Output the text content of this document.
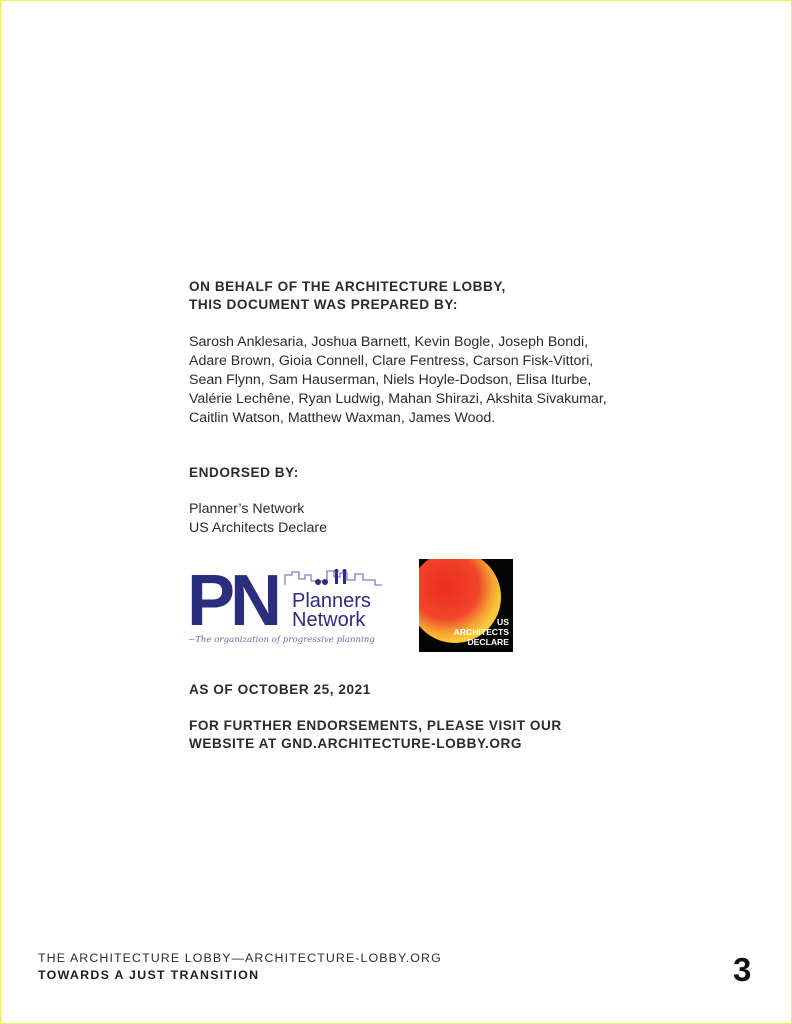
ON BEHALF OF THE ARCHITECTURE LOBBY,
THIS DOCUMENT WAS PREPARED BY:

Sarosh Anklesaria, Joshua Barnett, Kevin Bogle, Joseph Bondi,
Adare Brown, Gioia Connell, Clare Fentress, Carson Fisk-Vittori,
Sean Flynn, Sam Hauserman, Niels Hoyle-Dodson, Elisa Iturbe,
Valérie Lechêne, Ryan Ludwig, Mahan Shirazi, Akshita Sivakumar,
Caitlin Watson, Matthew Waxman, James Wood.

ENDORSED BY:

Planner’s Network
US Architects Declare

PN Planners
Network
~The organization of progressive planning
US
ARCHITECTS
DECLARE
AS OF OCTOBER 25, 2021
FOR FURTHER ENDORSEMENTS, PLEASE VISIT OUR
WEBSITE AT GND.ARCHITECTURE-LOBBY.ORG
THE ARCHITECTURE LOBBY—ARCHITECTURE-LOBBY.ORG
TOWARDS A JUST TRANSITION	3
